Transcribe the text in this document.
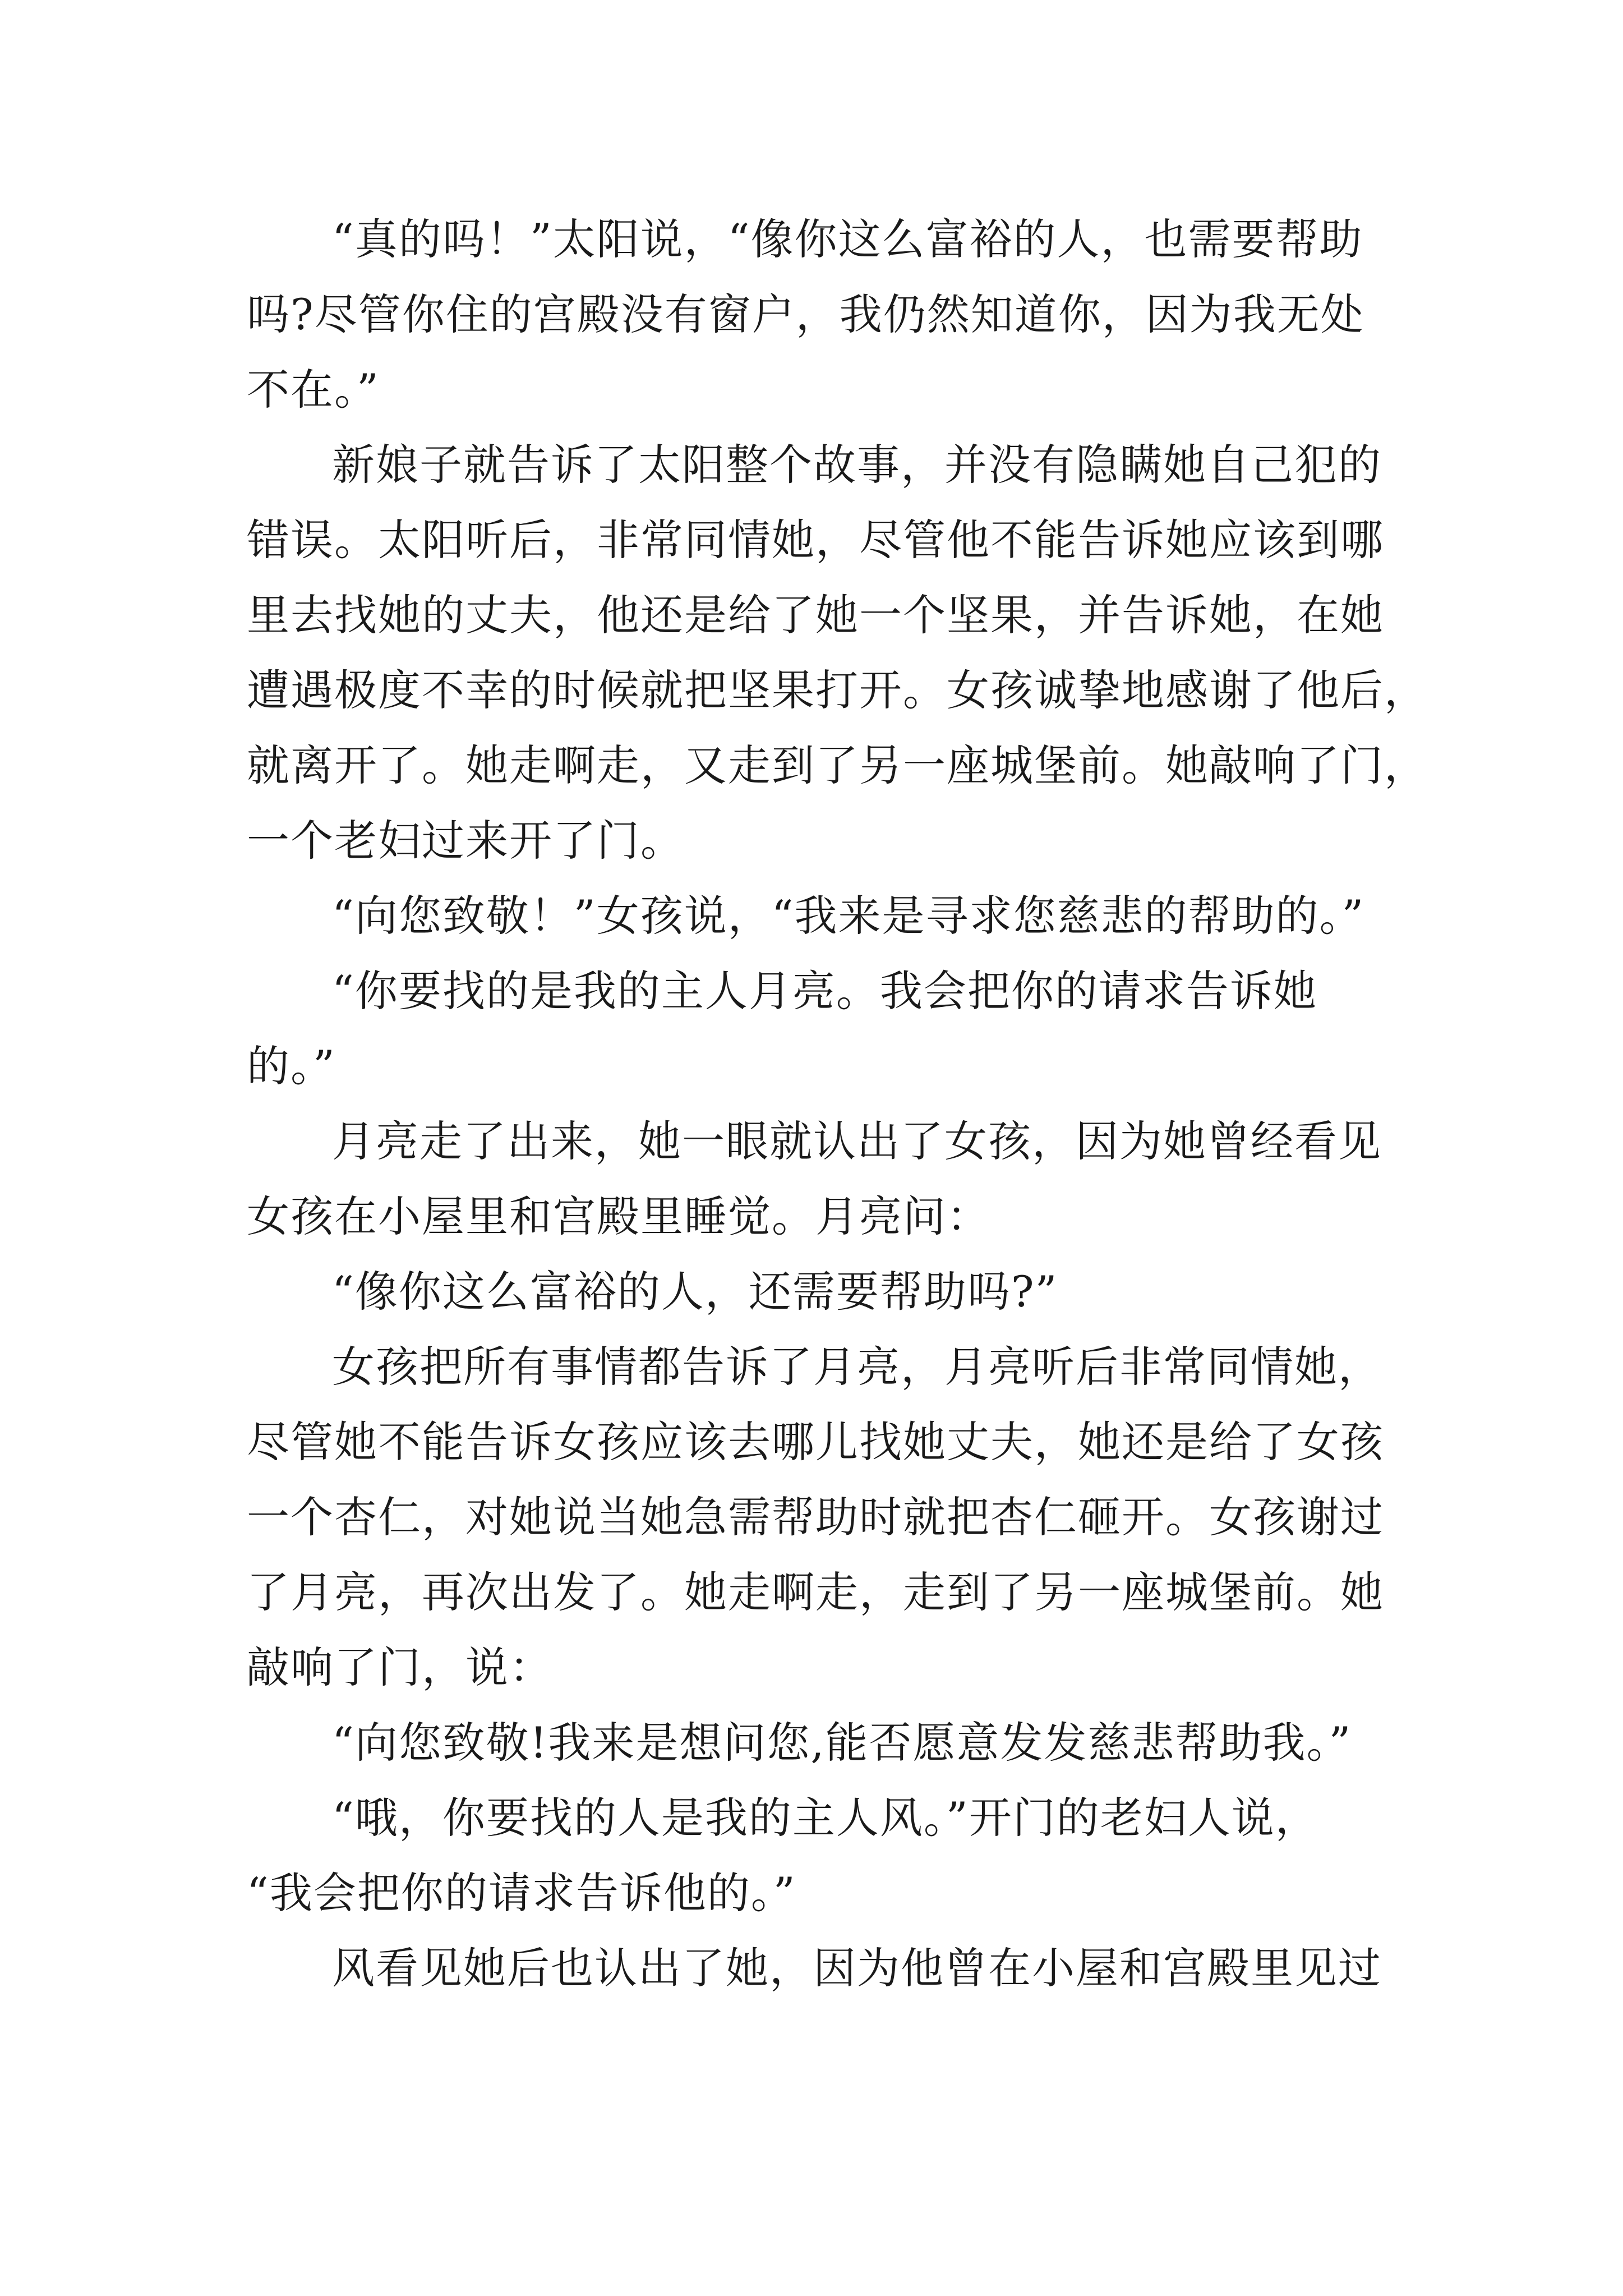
“真的吗！”太阳说，“像你这么富裕的人，也需要帮助
吗?尽管你住的宫殿没有窗户，我仍然知道你，因为我无处
不在。”
新娘子就告诉了太阳整个故事，并没有隐瞒她自己犯的
错误。太阳听后，非常同情她，尽管他不能告诉她应该到哪
里去找她的丈夫，他还是给了她一个坚果，并告诉她，在她
遭遇极度不幸的时候就把坚果打开。女孩诚挚地感谢了他后，
就离开了。她走啊走，又走到了另一座城堡前。她敲响了门，
一个老妇过来开了门。
“向您致敬！”女孩说，“我来是寻求您慈悲的帮助的。”
“你要找的是我的主人月亮。我会把你的请求告诉她
的。”
月亮走了出来，她一眼就认出了女孩，因为她曾经看见
女孩在小屋里和宫殿里睡觉。月亮问：
“像你这么富裕的人，还需要帮助吗?”
女孩把所有事情都告诉了月亮，月亮听后非常同情她，
尽管她不能告诉女孩应该去哪儿找她丈夫，她还是给了女孩
一个杏仁，对她说当她急需帮助时就把杏仁砸开。女孩谢过
了月亮，再次出发了。她走啊走，走到了另一座城堡前。她
敲响了门，说：
“向您致敬!我来是想问您,能否愿意发发慈悲帮助我。”
“哦，你要找的人是我的主人风。”开门的老妇人说，
“我会把你的请求告诉他的。”
风看见她后也认出了她，因为他曾在小屋和宫殿里见过
